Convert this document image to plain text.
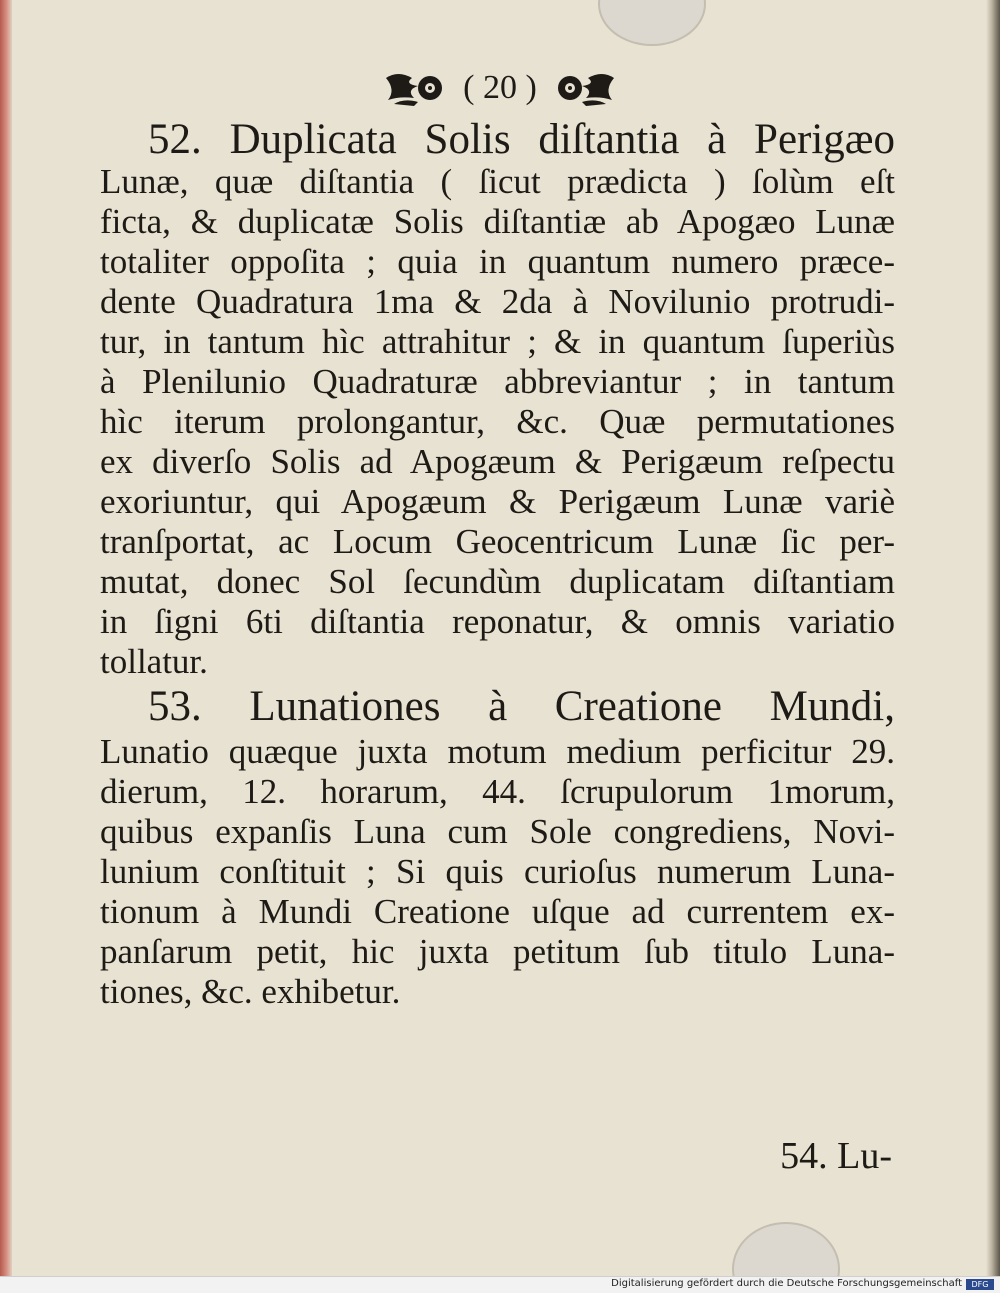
( 20 )
52. Duplicata Solis diſtantia à Perigæo
Lunæ, quæ diſtantia ( ſicut prædicta ) ſolùm eſt
ficta, & duplicatæ Solis diſtantiæ ab Apogæo Lunæ
totaliter oppoſita ; quia in quantum numero præce-
dente Quadratura 1ma & 2da à Novilunio protrudi-
tur, in tantum hìc attrahitur ; & in quantum ſuperiùs
à Plenilunio Quadraturæ abbreviantur ; in tantum
hìc iterum prolongantur, &c. Quæ permutationes
ex diverſo Solis ad Apogæum & Perigæum reſpectu
exoriuntur, qui Apogæum & Perigæum Lunæ variè
tranſportat, ac Locum Geocentricum Lunæ ſic per-
mutat, donec Sol ſecundùm duplicatam diſtantiam
in ſigni 6ti diſtantia reponatur, & omnis variatio
tollatur.
53. Lunationes à Creatione Mundi,
Lunatio quæque juxta motum medium perficitur 29.
dierum, 12. horarum, 44. ſcrupulorum 1morum,
quibus expanſis Luna cum Sole congrediens, Novi-
lunium conſtituit ; Si quis curioſus numerum Luna-
tionum à Mundi Creatione uſque ad currentem ex-
panſarum petit, hic juxta petitum ſub titulo Luna-
tiones, &c. exhibetur.
54. Lu-
Digitalisierung gefördert durch die Deutsche Forschungsgemeinschaft	DFG
